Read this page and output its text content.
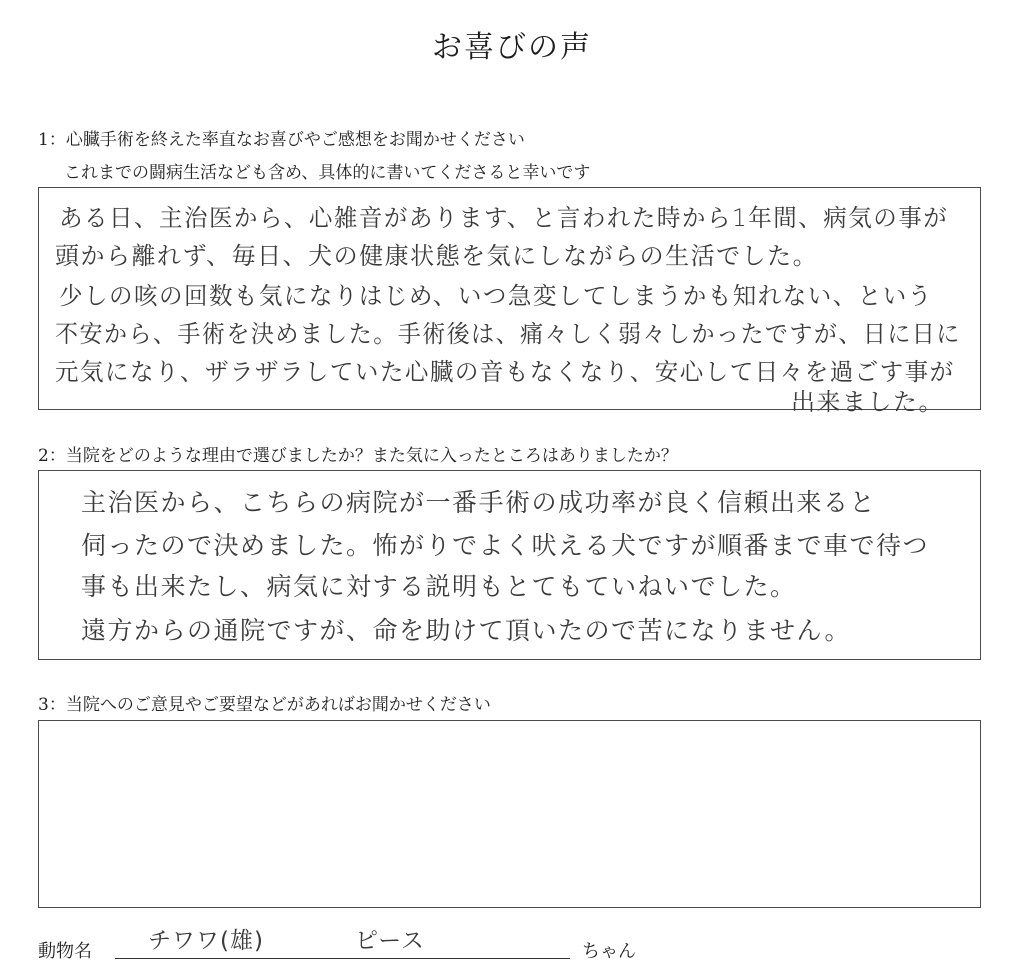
お喜びの声
1：心臓手術を終えた率直なお喜びやご感想をお聞かせください
これまでの闘病生活なども含め、具体的に書いてくださると幸いです
ある日、主治医から、心雑音があります、と言われた時から1年間、病気の事が
頭から離れず、毎日、犬の健康状態を気にしながらの生活でした。
少しの咳の回数も気になりはじめ、いつ急変してしまうかも知れない、という
不安から、手術を決めました。手術後は、痛々しく弱々しかったですが、日に日に
元気になり、ザラザラしていた心臓の音もなくなり、安心して日々を過ごす事が
出来ました。
2：当院をどのような理由で選びましたか？また気に入ったところはありましたか？
主治医から、こちらの病院が一番手術の成功率が良く信頼出来ると
伺ったので決めました。怖がりでよく吠える犬ですが順番まで車で待つ
事も出来たし、病気に対する説明もとてもていねいでした。
遠方からの通院ですが、命を助けて頂いたので苦になりません。
3：当院へのご意見やご要望などがあればお聞かせください
動物名 チワワ(雄)	ピース	ちゃん
